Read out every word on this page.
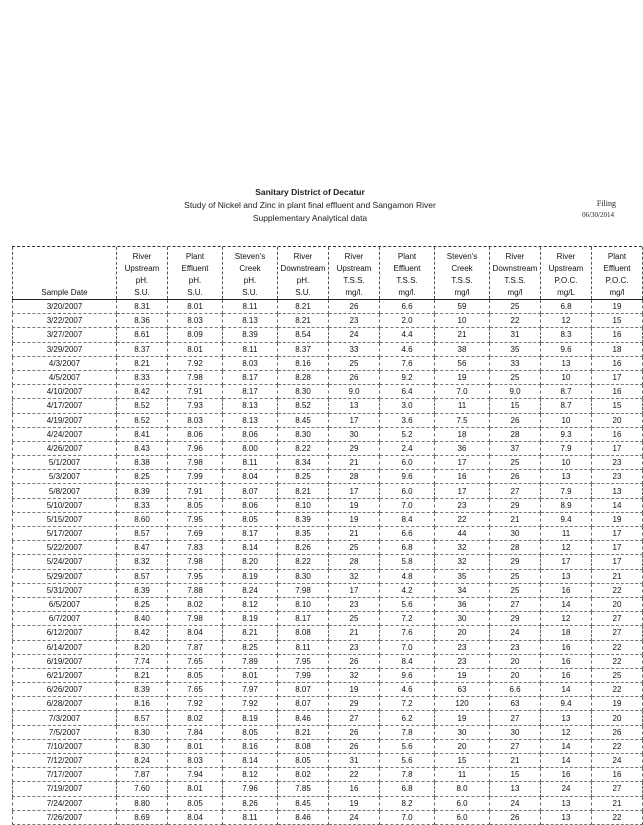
Sanitary District of Decatur
Study of Nickel and Zinc in plant final effluent and Sangamon River
Supplementary Analytical data
Filing
06/30/2014
Sample Date	River
Upstream
pH.
S.U.	Plant
Effluent
pH.
S.U.	Steven's
Creek
pH.
S.U.	River
Downstream
pH.
S.U.	River
Upstream
T.S.S.
mg/l.	Plant
Effluent
T.S.S.
mg/l.	Steven's
Creek
T.S.S.
mg/l	River
Downstream
T.S.S.
mg/l	River
Upstream
P.O.C.
mg/L	Plant
Effluent
P.O.C.
mg/l

3/20/2007	8.31	8.01	8.11	8.21	26	6.6	59	25	6.8	19
3/22/2007	8.36	8.03	8.13	8.21	23	2.0	10	22	12	15
3/27/2007	8.61	8.09	8.39	8.54	24	4.4	21	31	8.3	16
3/29/2007	8.37	8.01	8.11	8.37	33	4.6	38	35	9.6	18
4/3/2007	8.21	7.92	8.03	8.16	25	7.6	56	33	13	16
4/5/2007	8.33	7.98	8.17	8.28	26	9.2	19	25	10	17
4/10/2007	8.42	7.91	8.17	8.30	9.0	6.4	7.0	9.0	8.7	16
4/17/2007	8.52	7.93	8.13	8.52	13	3.0	11	15	8.7	15
4/19/2007	8.52	8.03	8.13	8.45	17	3.6	7.5	26	10	20
4/24/2007	8.41	8.06	8.06	8.30	30	5.2	18	28	9.3	16
4/26/2007	8.43	7.96	8.00	8.22	29	2.4	36	37	7.9	17
5/1/2007	8.38	7.98	8.11	8.34	21	6.0	17	25	10	23
5/3/2007	8.25	7.99	8.04	8.25	28	9.6	16	26	13	23
5/8/2007	8.39	7.91	8.07	8.21	17	6.0	17	27	7.9	13
5/10/2007	8.33	8.05	8.06	8.10	19	7.0	23	29	8.9	14
5/15/2007	8.60	7.95	8.05	8.39	19	8.4	22	21	9.4	19
5/17/2007	8.57	7.69	8.17	8.35	21	6.6	44	30	11	17
5/22/2007	8.47	7.83	8.14	8.26	25	6.8	32	28	12	17
5/24/2007	8.32	7.98	8.20	8.22	28	5.8	32	29	17	17
5/29/2007	8.57	7.95	8.19	8.30	32	4.8	35	25	13	21
5/31/2007	8.39	7.88	8.24	7.98	17	4.2	34	25	16	22
6/5/2007	8.25	8.02	8.12	8.10	23	5.6	36	27	14	20
6/7/2007	8.40	7.98	8.19	8.17	25	7.2	30	29	12	27
6/12/2007	8.42	8.04	8.21	8.08	21	7.6	20	24	18	27
6/14/2007	8.20	7.87	8.25	8.11	23	7.0	23	23	16	22
6/19/2007	7.74	7.65	7.89	7.95	26	8.4	23	20	16	22
6/21/2007	8.21	8.05	8.01	7.99	32	9.6	19	20	16	25
6/26/2007	8.39	7.65	7.97	8.07	19	4.6	63	6.6	14	22
6/28/2007	8.16	7.92	7.92	8.07	29	7.2	120	63	9.4	19
7/3/2007	8.57	8.02	8.19	8.46	27	6.2	19	27	13	20
7/5/2007	8.30	7.84	8.05	8.21	26	7.8	30	30	12	26
7/10/2007	8.30	8.01	8.16	8.08	26	5.6	20	27	14	22
7/12/2007	8.24	8.03	8.14	8.05	31	5.6	15	21	14	24
7/17/2007	7.87	7.94	8.12	8.02	22	7.8	11	15	16	16
7/19/2007	7.60	8.01	7.96	7.85	16	6.8	8.0	13	24	27
7/24/2007	8.80	8.05	8.26	8.45	19	8.2	6.0	24	13	21
7/26/2007	8.69	8.04	8.11	8.46	24	7.0	6.0	26	13	22
